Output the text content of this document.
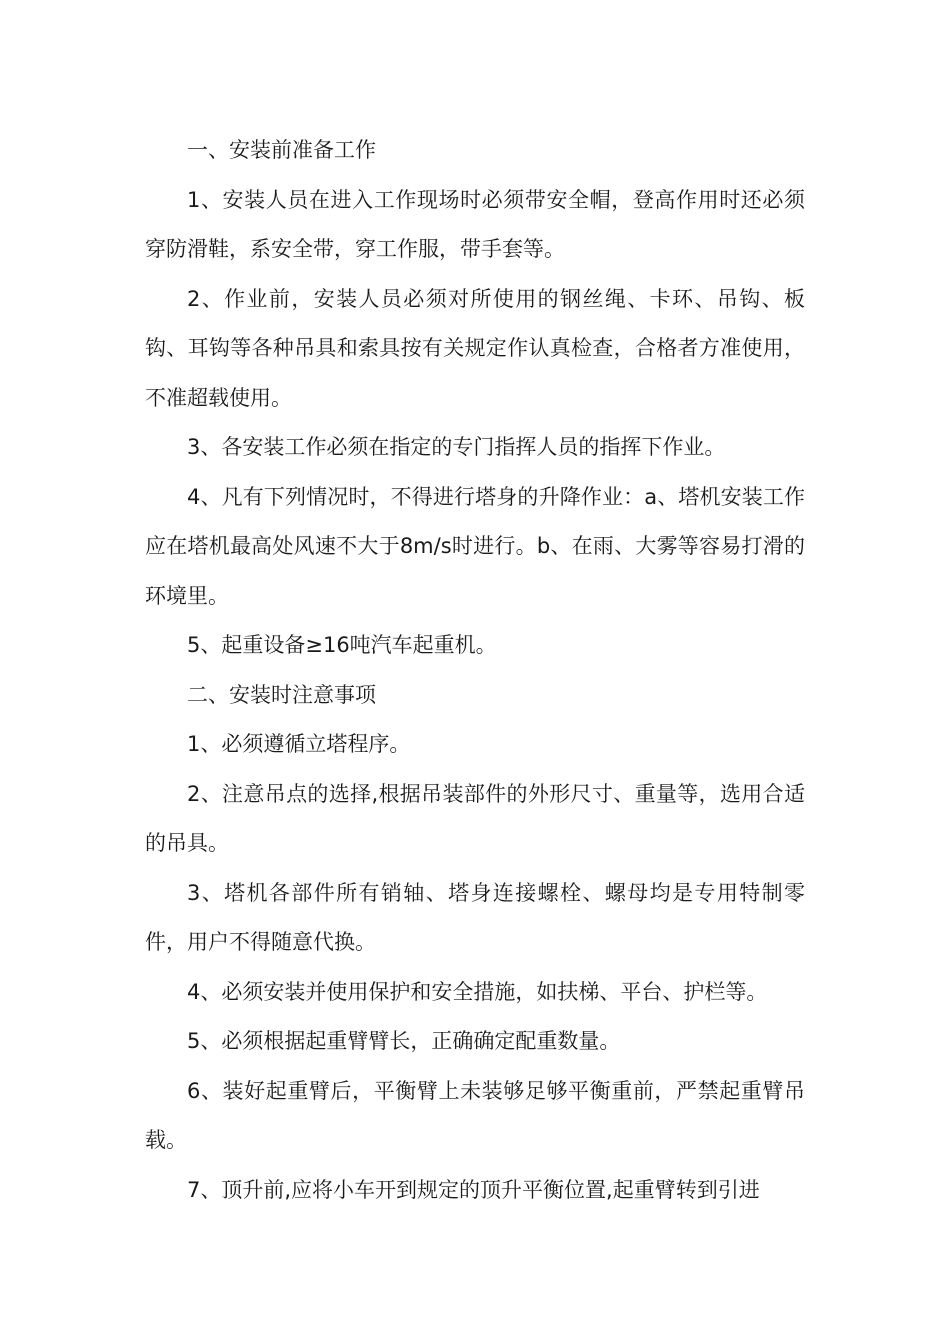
一、安装前准备工作

1、安装人员在进入工作现场时必须带安全帽，登高作用时还必须穿防滑鞋，系安全带，穿工作服，带手套等。

2、作业前，安装人员必须对所使用的钢丝绳、卡环、吊钩、板钩、耳钩等各种吊具和索具按有关规定作认真检查，合格者方准使用，不准超载使用。

3、各安装工作必须在指定的专门指挥人员的指挥下作业。

4、凡有下列情况时，不得进行塔身的升降作业：a、塔机安装工作应在塔机最高处风速不大于8m/s时进行。b、在雨、大雾等容易打滑的环境里。

5、起重设备≥16吨汽车起重机。

二、安装时注意事项

1、必须遵循立塔程序。

2、注意吊点的选择,根据吊装部件的外形尺寸、重量等，选用合适的吊具。

3、塔机各部件所有销轴、塔身连接螺栓、螺母均是专用特制零件，用户不得随意代换。

4、必须安装并使用保护和安全措施，如扶梯、平台、护栏等。

5、必须根据起重臂臂长，正确确定配重数量。

6、装好起重臂后，平衡臂上未装够足够平衡重前，严禁起重臂吊载。

7、顶升前,应将小车开到规定的顶升平衡位置,起重臂转到引进
